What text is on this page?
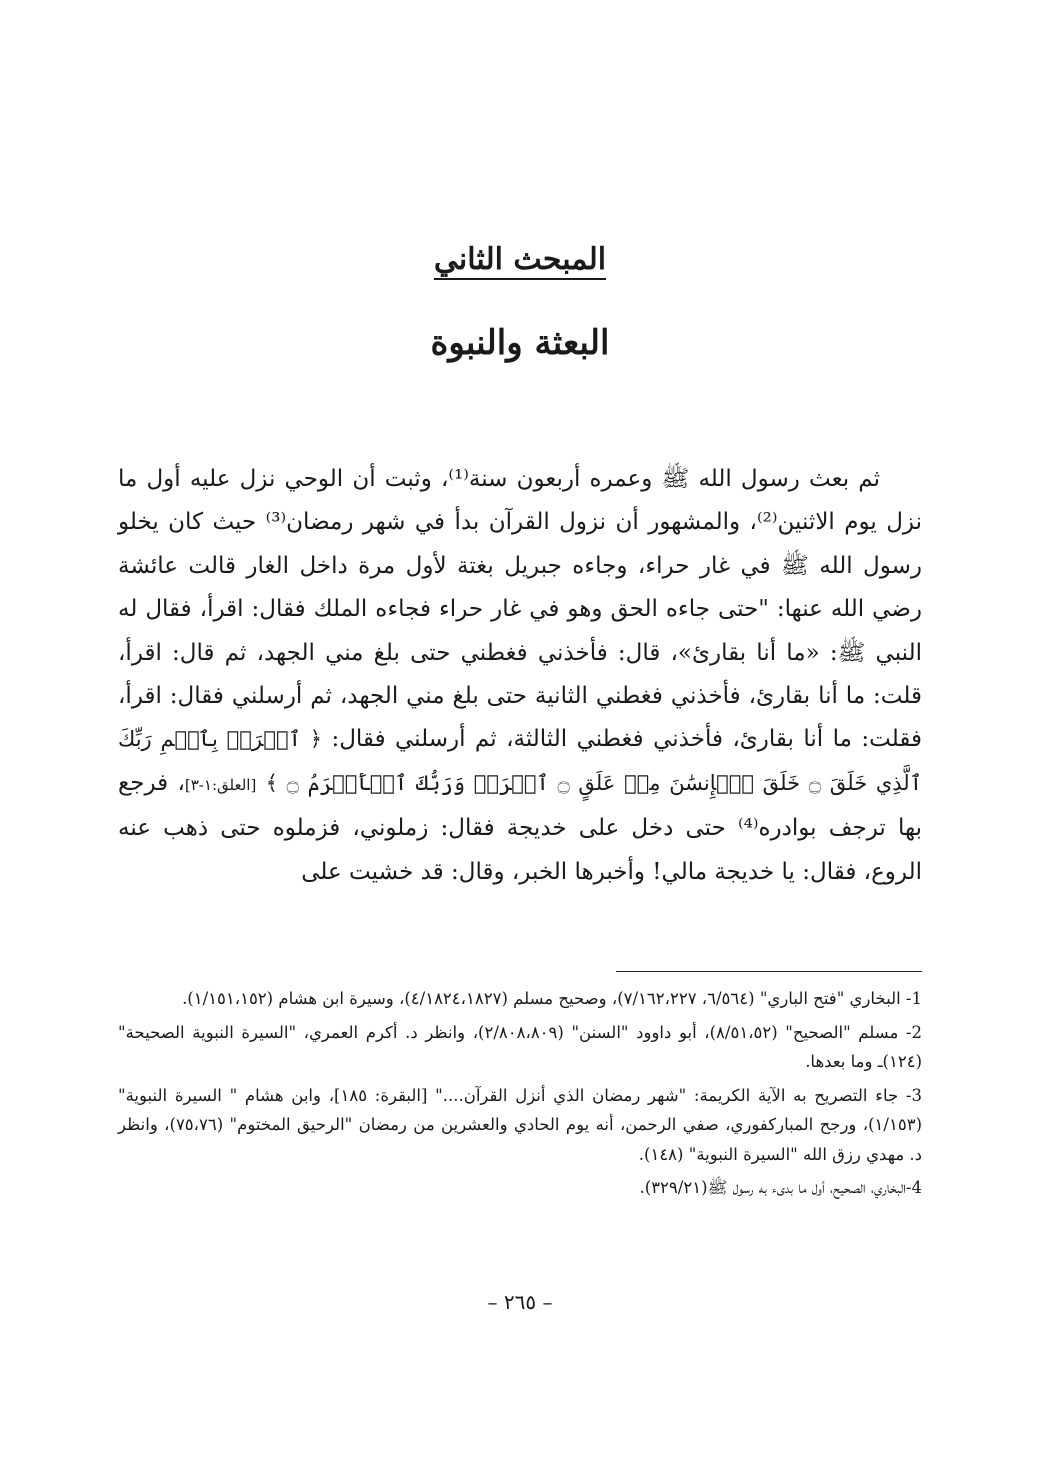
المبحث الثاني
البعثة والنبوة

ثم بعث رسول الله ﷺ وعمره أربعون سنة⁽¹⁾، وثبت أن الوحي نزل عليه أول ما نزل يوم الاثنين⁽²⁾، والمشهور أن نزول القرآن بدأ في شهر رمضان⁽³⁾ حيث كان يخلو رسول الله ﷺ في غار حراء، وجاءه جبريل بغتة لأول مرة داخل الغار قالت عائشة رضي الله عنها: "حتى جاءه الحق وهو في غار حراء فجاءه الملك فقال: اقرأ، فقال له النبي ﷺ: «ما أنا بقارئ»، قال: فأخذني فغطني حتى بلغ مني الجهد، ثم قال: اقرأ، قلت: ما أنا بقارئ، فأخذني فغطني الثانية حتى بلغ مني الجهد، ثم أرسلني فقال: اقرأ، فقلت: ما أنا بقارئ، فأخذني فغطني الثالثة، ثم أرسلني فقال: ﴿ ٱقۡرَأۡ بِٱسۡمِ رَبِّكَ ٱلَّذِي خَلَقَ ۝ خَلَقَ ٱلۡإِنسَٰنَ مِنۡ عَلَقٍ ۝ ٱقۡرَأۡ وَرَبُّكَ ٱلۡأَكۡرَمُ ۝ ﴾ [العلق:١-٣]، فرجع بها ترجف بوادره⁽⁴⁾ حتى دخل على خديجة فقال: زملوني، فزملوه حتى ذهب عنه الروع، فقال: يا خديجة مالي! وأخبرها الخبر، وقال: قد خشيت على

1- البخاري "فتح الباري" (٦/٥٦٤، ٧/١٦٢،٢٢٧)، وصحيح مسلم (٤/١٨٢٤،١٨٢٧)، وسيرة ابن هشام (١/١٥١،١٥٢).
2- مسلم "الصحيح" (٨/٥١،٥٢)، أبو داوود "السنن" (٢/٨٠٨،٨٠٩)، وانظر د. أكرم العمري، "السيرة النبوية الصحيحة" (١٢٤)ـ وما بعدها.
3- جاء التصريح به الآية الكريمة: "شهر رمضان الذي أنزل القرآن...." [البقرة: ١٨٥]، وابن هشام " السيرة النبوية" (١/١٥٣)، ورجح المباركفوري، صفي الرحمن، أنه يوم الحادي والعشرين من رمضان "الرحيق المختوم" (٧٥،٧٦)، وانظر د. مهدي رزق الله "السيرة النبوية" (١٤٨).
4-البخاري، الصحيح، أول ما بدىء به رسول ﷺ(٣٢٩/٢١).
– ٢٦٥ –
